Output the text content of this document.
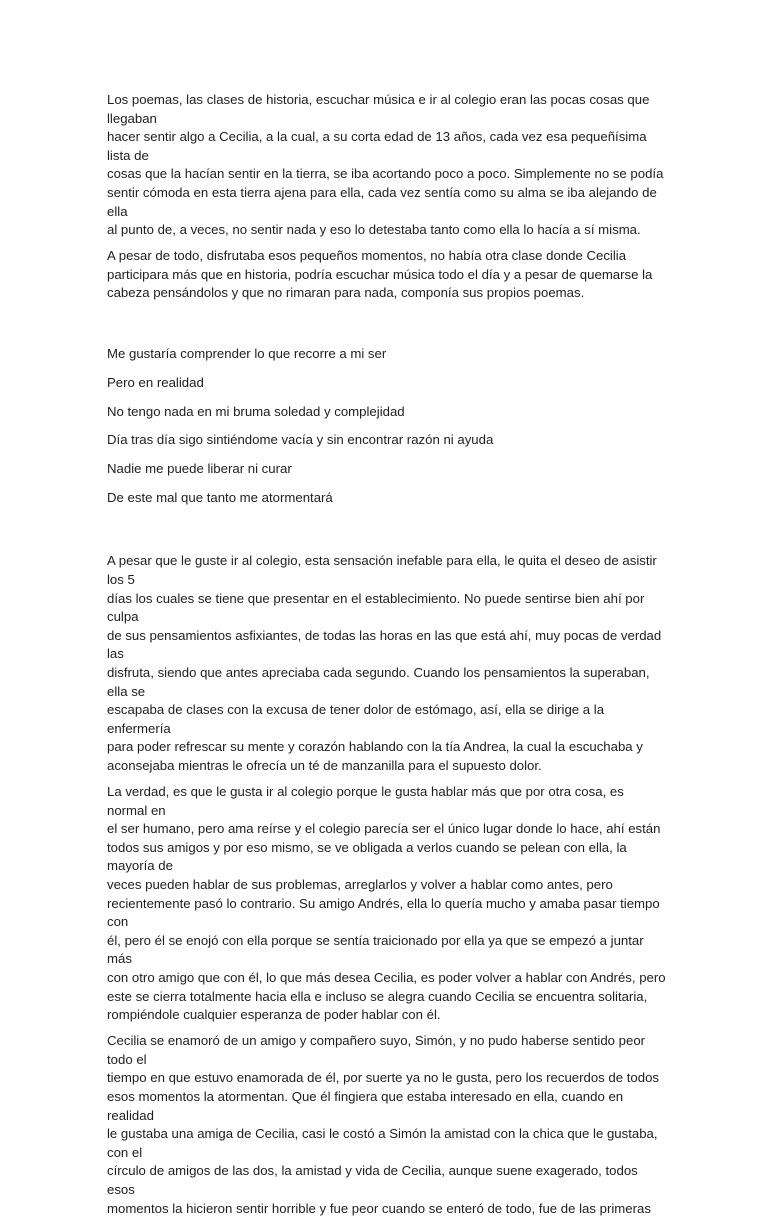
Los poemas, las clases de historia, escuchar música e ir al colegio eran las pocas cosas que llegaban
hacer sentir algo a Cecilia, a la cual, a su corta edad de 13 años, cada vez esa pequeñísima lista de
cosas que la hacían sentir en la tierra, se iba acortando poco a poco. Simplemente no se podía
sentir cómoda en esta tierra ajena para ella, cada vez sentía como su alma se iba alejando de ella
al punto de, a veces, no sentir nada y eso lo detestaba tanto como ella lo hacía a sí misma.

A pesar de todo, disfrutaba esos pequeños momentos, no había otra clase donde Cecilia
participara más que en historia, podría escuchar música todo el día y a pesar de quemarse la
cabeza pensándolos y que no rimaran para nada, componía sus propios poemas.

Me gustaría comprender lo que recorre a mi ser

Pero en realidad

No tengo nada en mi bruma soledad y complejidad

Día tras día sigo sintiéndome vacía y sin encontrar razón ni ayuda

Nadie me puede liberar ni curar

De este mal que tanto me atormentará

A pesar que le guste ir al colegio, esta sensación inefable para ella, le quita el deseo de asistir los 5
días los cuales se tiene que presentar en el establecimiento. No puede sentirse bien ahí por culpa
de sus pensamientos asfixiantes, de todas las horas en las que está ahí, muy pocas de verdad las
disfruta, siendo que antes apreciaba cada segundo. Cuando los pensamientos la superaban, ella se
escapaba de clases con la excusa de tener dolor de estómago, así, ella se dirige a la enfermería
para poder refrescar su mente y corazón hablando con la tía Andrea, la cual la escuchaba y
aconsejaba mientras le ofrecía un té de manzanilla para el supuesto dolor.

La verdad, es que le gusta ir al colegio porque le gusta hablar más que por otra cosa, es normal en
el ser humano, pero ama reírse y el colegio parecía ser el único lugar donde lo hace, ahí están
todos sus amigos y por eso mismo, se ve obligada a verlos cuando se pelean con ella, la mayoría de
veces pueden hablar de sus problemas, arreglarlos y volver a hablar como antes, pero
recientemente pasó lo contrario. Su amigo Andrés, ella lo quería mucho y amaba pasar tiempo con
él, pero él se enojó con ella porque se sentía traicionado por ella ya que se empezó a juntar más
con otro amigo que con él, lo que más desea Cecilia, es poder volver a hablar con Andrés, pero
este se cierra totalmente hacia ella e incluso se alegra cuando Cecilia se encuentra solitaria,
rompiéndole cualquier esperanza de poder hablar con él.

Cecilia se enamoró de un amigo y compañero suyo, Simón, y no pudo haberse sentido peor todo el
tiempo en que estuvo enamorada de él, por suerte ya no le gusta, pero los recuerdos de todos
esos momentos la atormentan. Que él fingiera que estaba interesado en ella, cuando en realidad
le gustaba una amiga de Cecilia, casi le costó a Simón la amistad con la chica que le gustaba, con el
círculo de amigos de las dos, la amistad y vida de Cecilia, aunque suene exagerado, todos esos
momentos la hicieron sentir horrible y fue peor cuando se enteró de todo, fue de las primeras
